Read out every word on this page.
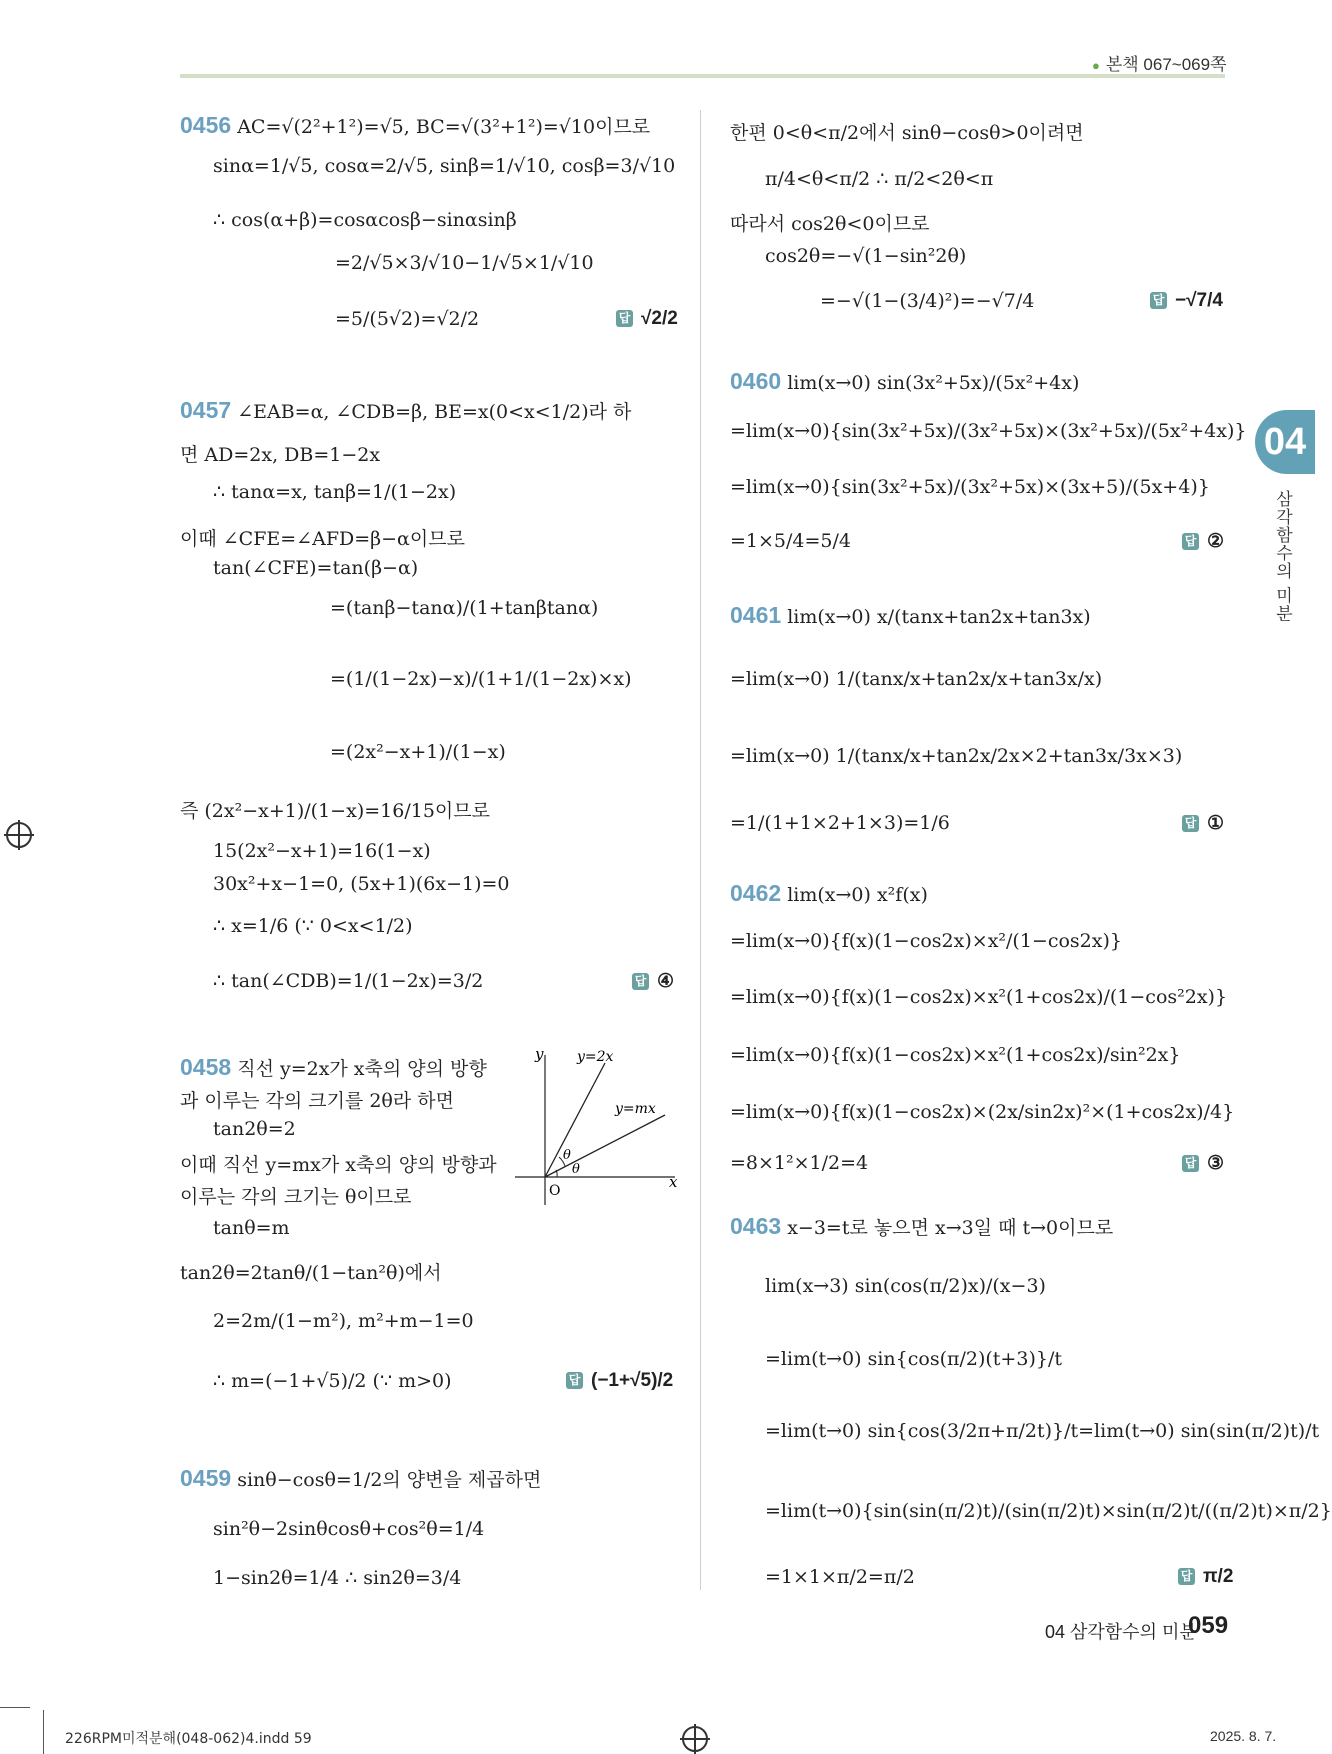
● 본책 067~069쪽
04
삼각함수의 미분
0456 AC=√(2²+1²)=√5, BC=√(3²+1²)=√10이므로
sinα=1/√5, cosα=2/√5, sinβ=1/√10, cosβ=3/√10
∴ cos(α+β)=cosαcosβ−sinαsinβ
=2/√5×3/√10−1/√5×1/√10
=5/(5√2)=√2/2	답 √2/2
0457 ∠EAB=α, ∠CDB=β, BE=x(0<x<1/2)라 하
면 AD=2x, DB=1−2x
∴ tanα=x, tanβ=1/(1−2x)
이때 ∠CFE=∠AFD=β−α이므로
tan(∠CFE)=tan(β−α)
=(tanβ−tanα)/(1+tanβtanα)
=(1/(1−2x)−x)/(1+1/(1−2x)×x)
=(2x²−x+1)/(1−x)
즉 (2x²−x+1)/(1−x)=16/15이므로
15(2x²−x+1)=16(1−x)
30x²+x−1=0, (5x+1)(6x−1)=0
∴ x=1/6 (∵ 0<x<1/2)
∴ tan(∠CDB)=1/(1−2x)=3/2	답 ④
0458 직선 y=2x가 x축의 양의 방향
과 이루는 각의 크기를 2θ라 하면
tan2θ=2
이때 직선 y=mx가 x축의 양의 방향과
이루는 각의 크기는 θ이므로
tanθ=m
tan2θ=2tanθ/(1−tan²θ)에서
2=2m/(1−m²), m²+m−1=0
∴ m=(−1+√5)/2 (∵ m>0)	답 (−1+√5)/2
0459 sinθ−cosθ=1/2의 양변을 제곱하면
sin²θ−2sinθcosθ+cos²θ=1/4
1−sin2θ=1/4 ∴ sin2θ=3/4
x
y
O
y=2x
y=mx
θ
θ
한편 0<θ<π/2에서 sinθ−cosθ>0이려면
π/4<θ<π/2 ∴ π/2<2θ<π
따라서 cos2θ<0이므로
cos2θ=−√(1−sin²2θ)
=−√(1−(3/4)²)=−√7/4	답 −√7/4
0460 lim(x→0) sin(3x²+5x)/(5x²+4x)
=lim(x→0){sin(3x²+5x)/(3x²+5x)×(3x²+5x)/(5x²+4x)}
=lim(x→0){sin(3x²+5x)/(3x²+5x)×(3x+5)/(5x+4)}
=1×5/4=5/4	답 ②
0461 lim(x→0) x/(tanx+tan2x+tan3x)
=lim(x→0) 1/(tanx/x+tan2x/x+tan3x/x)
=lim(x→0) 1/(tanx/x+tan2x/2x×2+tan3x/3x×3)
=1/(1+1×2+1×3)=1/6	답 ①
0462 lim(x→0) x²f(x)
=lim(x→0){f(x)(1−cos2x)×x²/(1−cos2x)}
=lim(x→0){f(x)(1−cos2x)×x²(1+cos2x)/(1−cos²2x)}
=lim(x→0){f(x)(1−cos2x)×x²(1+cos2x)/sin²2x}
=lim(x→0){f(x)(1−cos2x)×(2x/sin2x)²×(1+cos2x)/4}
=8×1²×1/2=4	답 ③
0463 x−3=t로 놓으면 x→3일 때 t→0이므로
lim(x→3) sin(cos(π/2)x)/(x−3)
=lim(t→0) sin{cos(π/2)(t+3)}/t
=lim(t→0) sin{cos(3/2π+π/2t)}/t=lim(t→0) sin(sin(π/2)t)/t
=lim(t→0){sin(sin(π/2)t)/(sin(π/2)t)×sin(π/2)t/((π/2)t)×π/2}
=1×1×π/2=π/2	답 π/2
04 삼각함수의 미분
059
226RPM미적분해(048-062)4.indd 59	2025. 8. 7.
